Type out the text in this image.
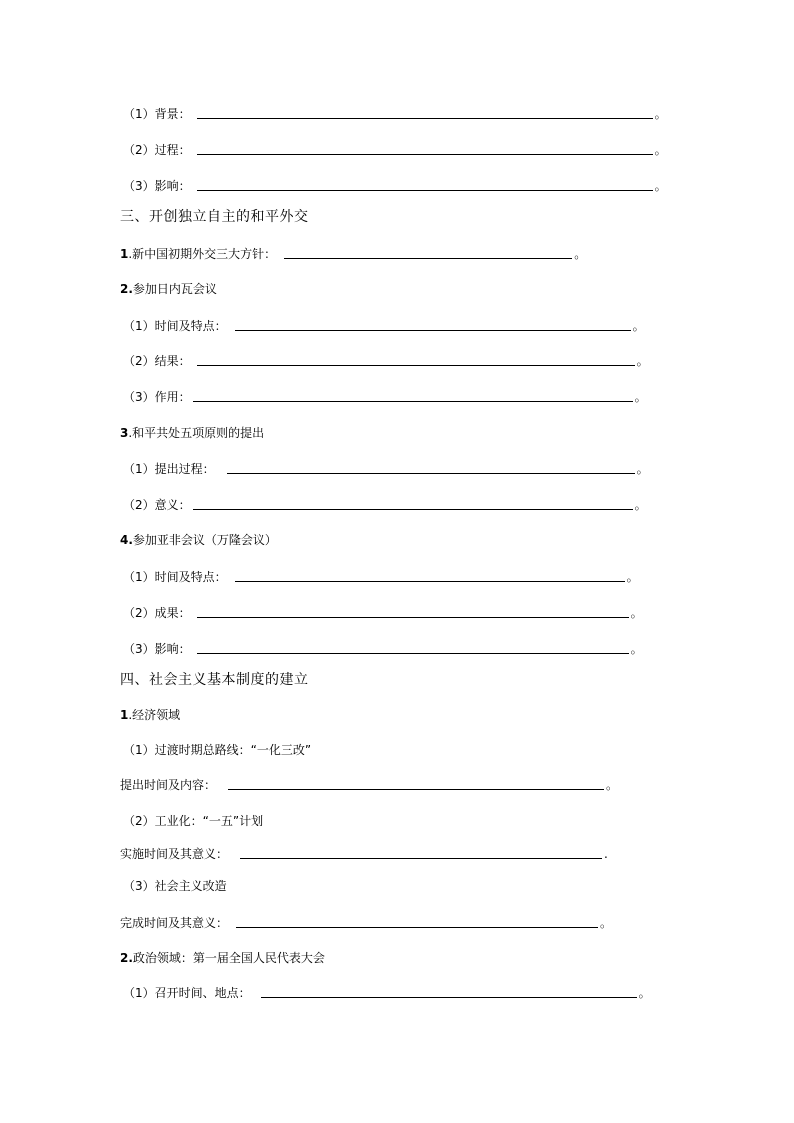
（1）背景：	。
（2）过程：	。
（3）影响：	。
三、开创独立自主的和平外交
1.新中国初期外交三大方针：	。
2.参加日内瓦会议
（1）时间及特点：	。
（2）结果：	。
（3）作用：	。
3.和平共处五项原则的提出
（1）提出过程：	。
（2）意义：	。
4.参加亚非会议（万隆会议）
（1）时间及特点：	。
（2）成果：	。
（3）影响：	。
四、社会主义基本制度的建立
1.经济领域
（1）过渡时期总路线：“一化三改”
提出时间及内容：	。
（2）工业化：“一五”计划
实施时间及其意义：	.
（3）社会主义改造
完成时间及其意义：	。
2.政治领域：第一届全国人民代表大会
（1）召开时间、地点：	。
